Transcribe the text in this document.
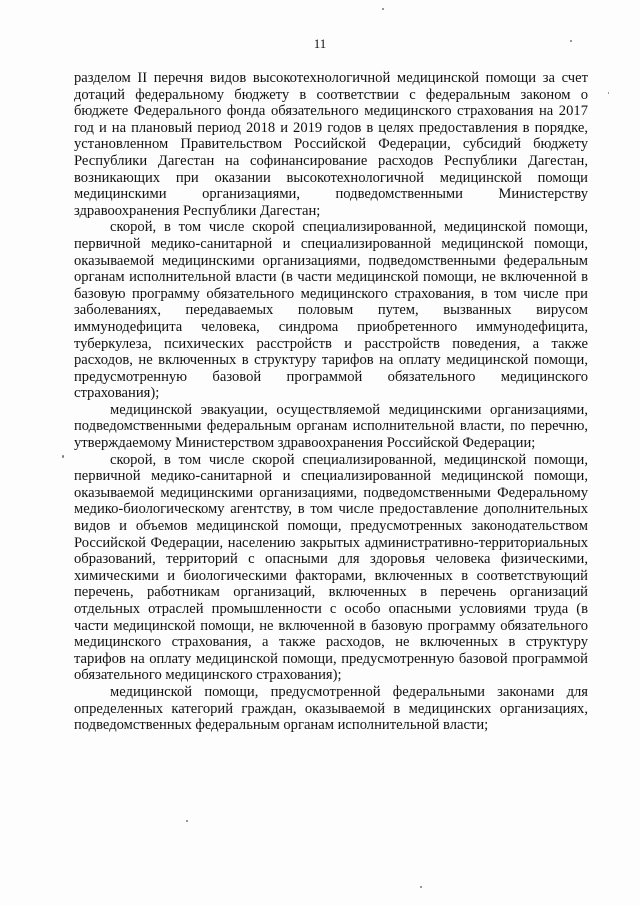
11

разделом II перечня видов высокотехнологичной медицинской помощи за счет дотаций федеральному бюджету в соответствии с федеральным законом о бюджете Федерального фонда обязательного медицинского страхования на 2017 год и на плановый период 2018 и 2019 годов в целях предоставления в порядке, установленном Правительством Российской Федерации, субсидий бюджету Республики Дагестан на софинансирование расходов Республики Дагестан, возникающих при оказании высокотехнологичной медицинской помощи медицинскими организациями, подведомственными Министерству здравоохранения Республики Дагестан;

скорой, в том числе скорой специализированной, медицинской помощи, первичной медико-санитарной и специализированной медицинской помощи, оказываемой медицинскими организациями, подведомственными федеральным органам исполнительной власти (в части медицинской помощи, не включенной в базовую программу обязательного медицинского страхования, в том числе при заболеваниях, передаваемых половым путем, вызванных вирусом иммунодефицита человека, синдрома приобретенного иммунодефицита, туберкулеза, психических расстройств и расстройств поведения, а также расходов, не включенных в структуру тарифов на оплату медицинской помощи, предусмотренную базовой программой обязательного медицинского страхования);

медицинской эвакуации, осуществляемой медицинскими организациями, подведомственными федеральным органам исполнительной власти, по перечню, утверждаемому Министерством здравоохранения Российской Федерации;

скорой, в том числе скорой специализированной, медицинской помощи, первичной медико-санитарной и специализированной медицинской помощи, оказываемой медицинскими организациями, подведомственными Федеральному медико-биологическому агентству, в том числе предоставление дополнительных видов и объемов медицинской помощи, предусмотренных законодательством Российской Федерации, населению закрытых административно-территориальных образований, территорий с опасными для здоровья человека физическими, химическими и биологическими факторами, включенных в соответствующий перечень, работникам организаций, включенных в перечень организаций отдельных отраслей промышленности с особо опасными условиями труда (в части медицинской помощи, не включенной в базовую программу обязательного медицинского страхования, а также расходов, не включенных в структуру тарифов на оплату медицинской помощи, предусмотренную базовой программой обязательного медицинского страхования);

медицинской помощи, предусмотренной федеральными законами для определенных категорий граждан, оказываемой в медицинских организациях, подведомственных федеральным органам исполнительной власти;
